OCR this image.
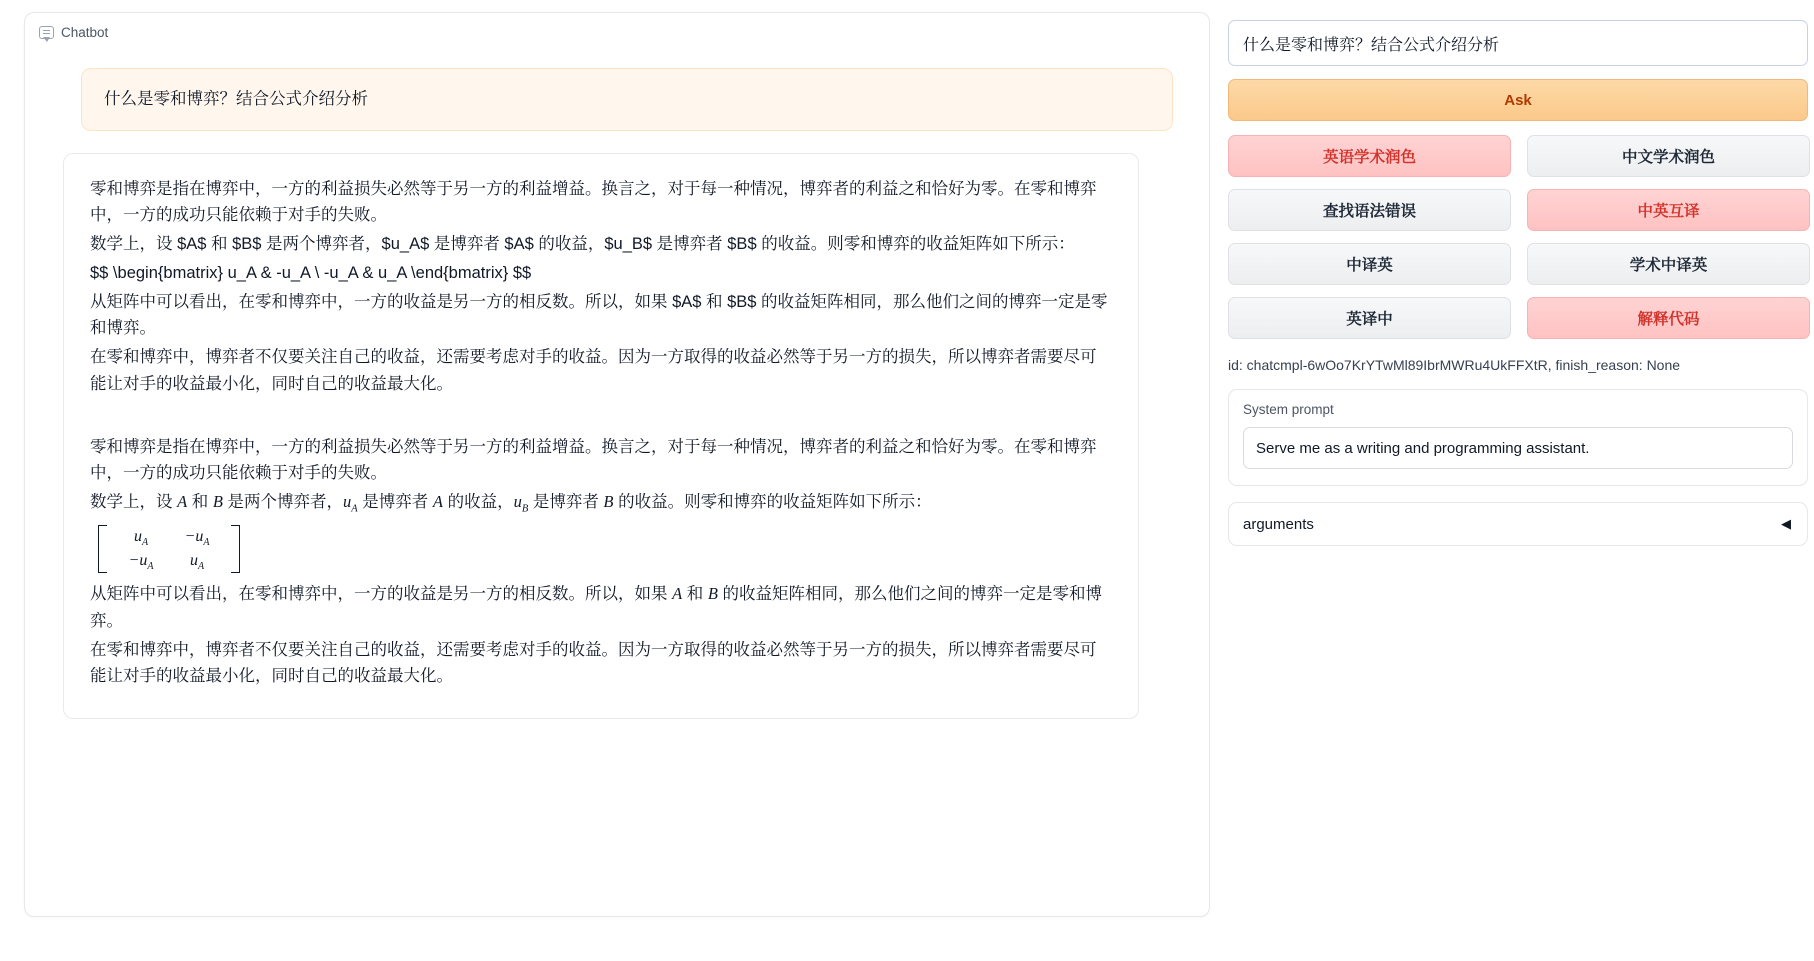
Chatbot
什么是零和博弈？结合公式介绍分析
零和博弈是指在博弈中，一方的利益损失必然等于另一方的利益增益。换言之，对于每一种情况，博弈者的利益之和恰好为零。在零和博弈中，一方的成功只能依赖于对手的失败。
数学上，设 $A$ 和 $B$ 是两个博弈者，$u_A$ 是博弈者 $A$ 的收益，$u_B$ 是博弈者 $B$ 的收益。则零和博弈的收益矩阵如下所示：
$$ \begin{bmatrix} u_A & -u_A \ -u_A & u_A \end{bmatrix} $$
从矩阵中可以看出，在零和博弈中，一方的收益是另一方的相反数。所以，如果 $A$ 和 $B$ 的收益矩阵相同，那么他们之间的博弈一定是零和博弈。
在零和博弈中，博弈者不仅要关注自己的收益，还需要考虑对手的收益。因为一方取得的收益必然等于另一方的损失，所以博弈者需要尽可能让对手的收益最小化，同时自己的收益最大化。
零和博弈是指在博弈中，一方的利益损失必然等于另一方的利益增益。换言之，对于每一种情况，博弈者的利益之和恰好为零。在零和博弈中，一方的成功只能依赖于对手的失败。
数学上，设 A 和 B 是两个博弈者，$u_A$ 是博弈者 A 的收益，$u_B$ 是博弈者 B 的收益。则零和博弈的收益矩阵如下所示：
$u_A -u_A$
$-u_A$ $u_A$
从矩阵中可以看出，在零和博弈中，一方的收益是另一方的相反数。所以，如果 A 和 B 的收益矩阵相同，那么他们之间的博弈一定是零和博弈。
在零和博弈中，博弈者不仅要关注自己的收益，还需要考虑对手的收益。因为一方取得的收益必然等于另一方的损失，所以博弈者需要尽可能让对手的收益最小化，同时自己的收益最大化。
什么是零和博弈？结合公式介绍分析 Ask
英语学术润色	中文学术润色
查找语法错误	中英互译
中译英	学术中译英
英译中	解释代码
id: chatcmpl-6wOo7KrYTwMl89IbrMWRu4UkFFXtR, finish_reason: None
System prompt
Serve me as a writing and programming assistant.
arguments	◀
